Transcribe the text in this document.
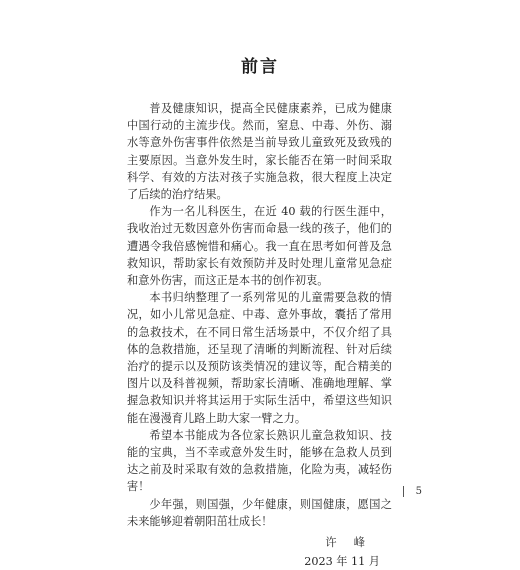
前言

普及健康知识，提高全民健康素养，已成为健康中国行动的主流步伐。然而，窒息、中毒、外伤、溺水等意外伤害事件依然是当前导致儿童致死及致残的主要原因。当意外发生时，家长能否在第一时间采取科学、有效的方法对孩子实施急救，很大程度上决定了后续的治疗结果。

作为一名儿科医生，在近 40 载的行医生涯中，我收治过无数因意外伤害而命悬一线的孩子，他们的遭遇令我倍感惋惜和痛心。我一直在思考如何普及急救知识，帮助家长有效预防并及时处理儿童常见急症和意外伤害，而这正是本书的创作初衷。

本书归纳整理了一系列常见的儿童需要急救的情况，如小儿常见急症、中毒、意外事故，囊括了常用的急救技术，在不同日常生活场景中，不仅介绍了具体的急救措施，还呈现了清晰的判断流程、针对后续治疗的提示以及预防该类情况的建议等，配合精美的图片以及科普视频，帮助家长清晰、准确地理解、掌握急救知识并将其运用于实际生活中，希望这些知识能在漫漫育儿路上助大家一臂之力。

希望本书能成为各位家长熟识儿童急救知识、技能的宝典，当不幸或意外发生时，能够在急救人员到达之前及时采取有效的急救措施，化险为夷，减轻伤害！

少年强，则国强，少年健康，则国健康，愿国之未来能够迎着朝阳茁壮成长！

许　峰

2023 年 11 月

5
